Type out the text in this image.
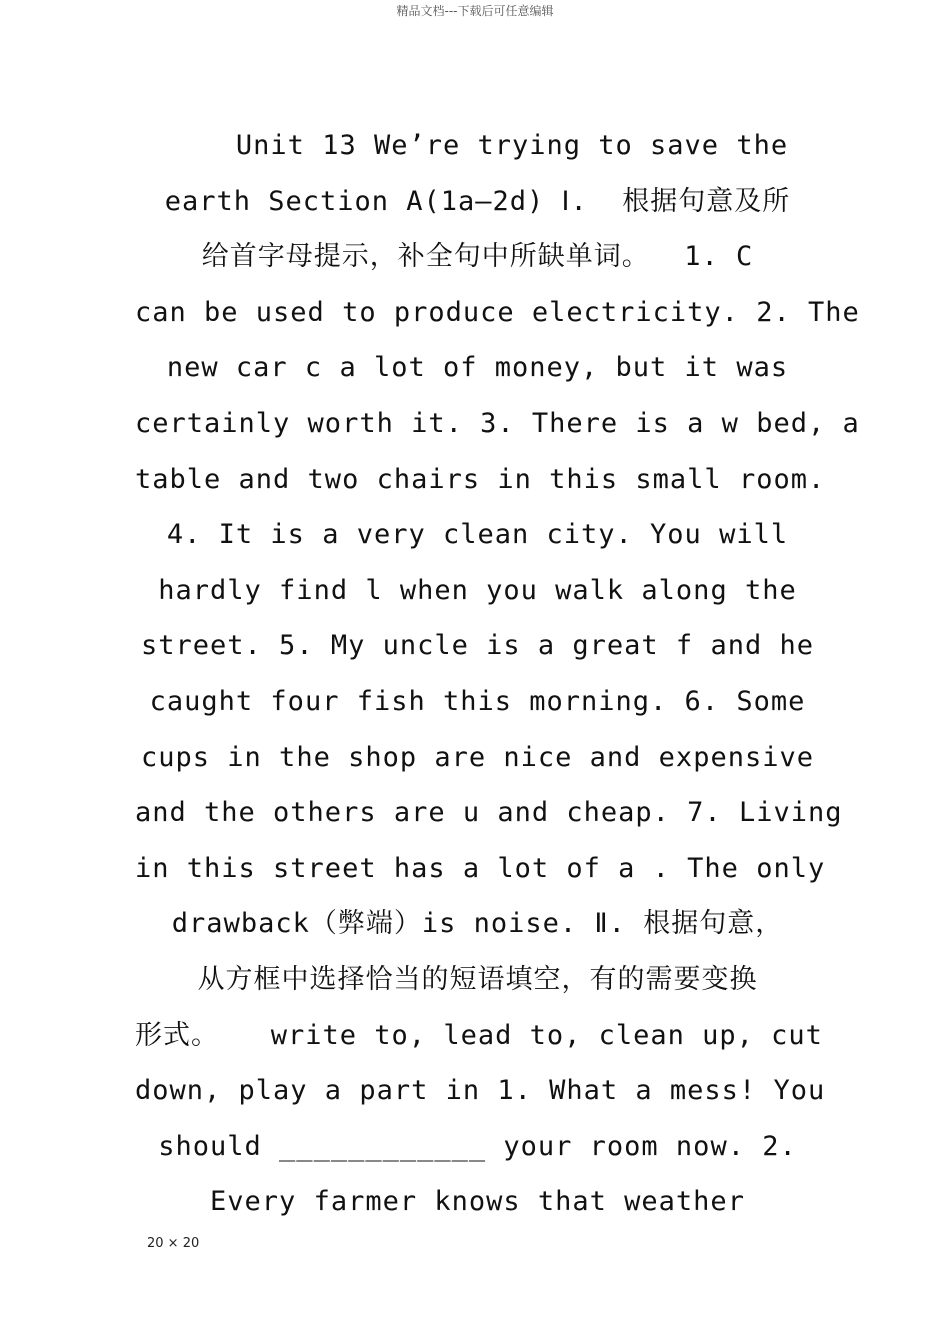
精品文档---下载后可任意编辑
Unit 13 We’re trying to save the
earth Section A(1a—2d) Ⅰ.  根据句意及所
给首字母提示，补全句中所缺单词。  1. C
can be used to produce electricity. 2. The
new car c a lot of money, but it was
certainly worth it. 3. There is a w bed, a
table and two chairs in this small room.
4. It is a very clean city. You will
hardly find l when you walk along the
street. 5. My uncle is a great f and he
caught four fish this morning. 6. Some
cups in the shop are nice and expensive
and the others are u and cheap. 7. Living
in this street has a lot of a . The only
drawback（弊端）is noise. Ⅱ. 根据句意，
从方框中选择恰当的短语填空，有的需要变换
形式。   write to, lead to, clean up, cut
down, play a part in 1. What a mess! You
should ____________ your room now. 2.
Every farmer knows that weather
20 × 20
